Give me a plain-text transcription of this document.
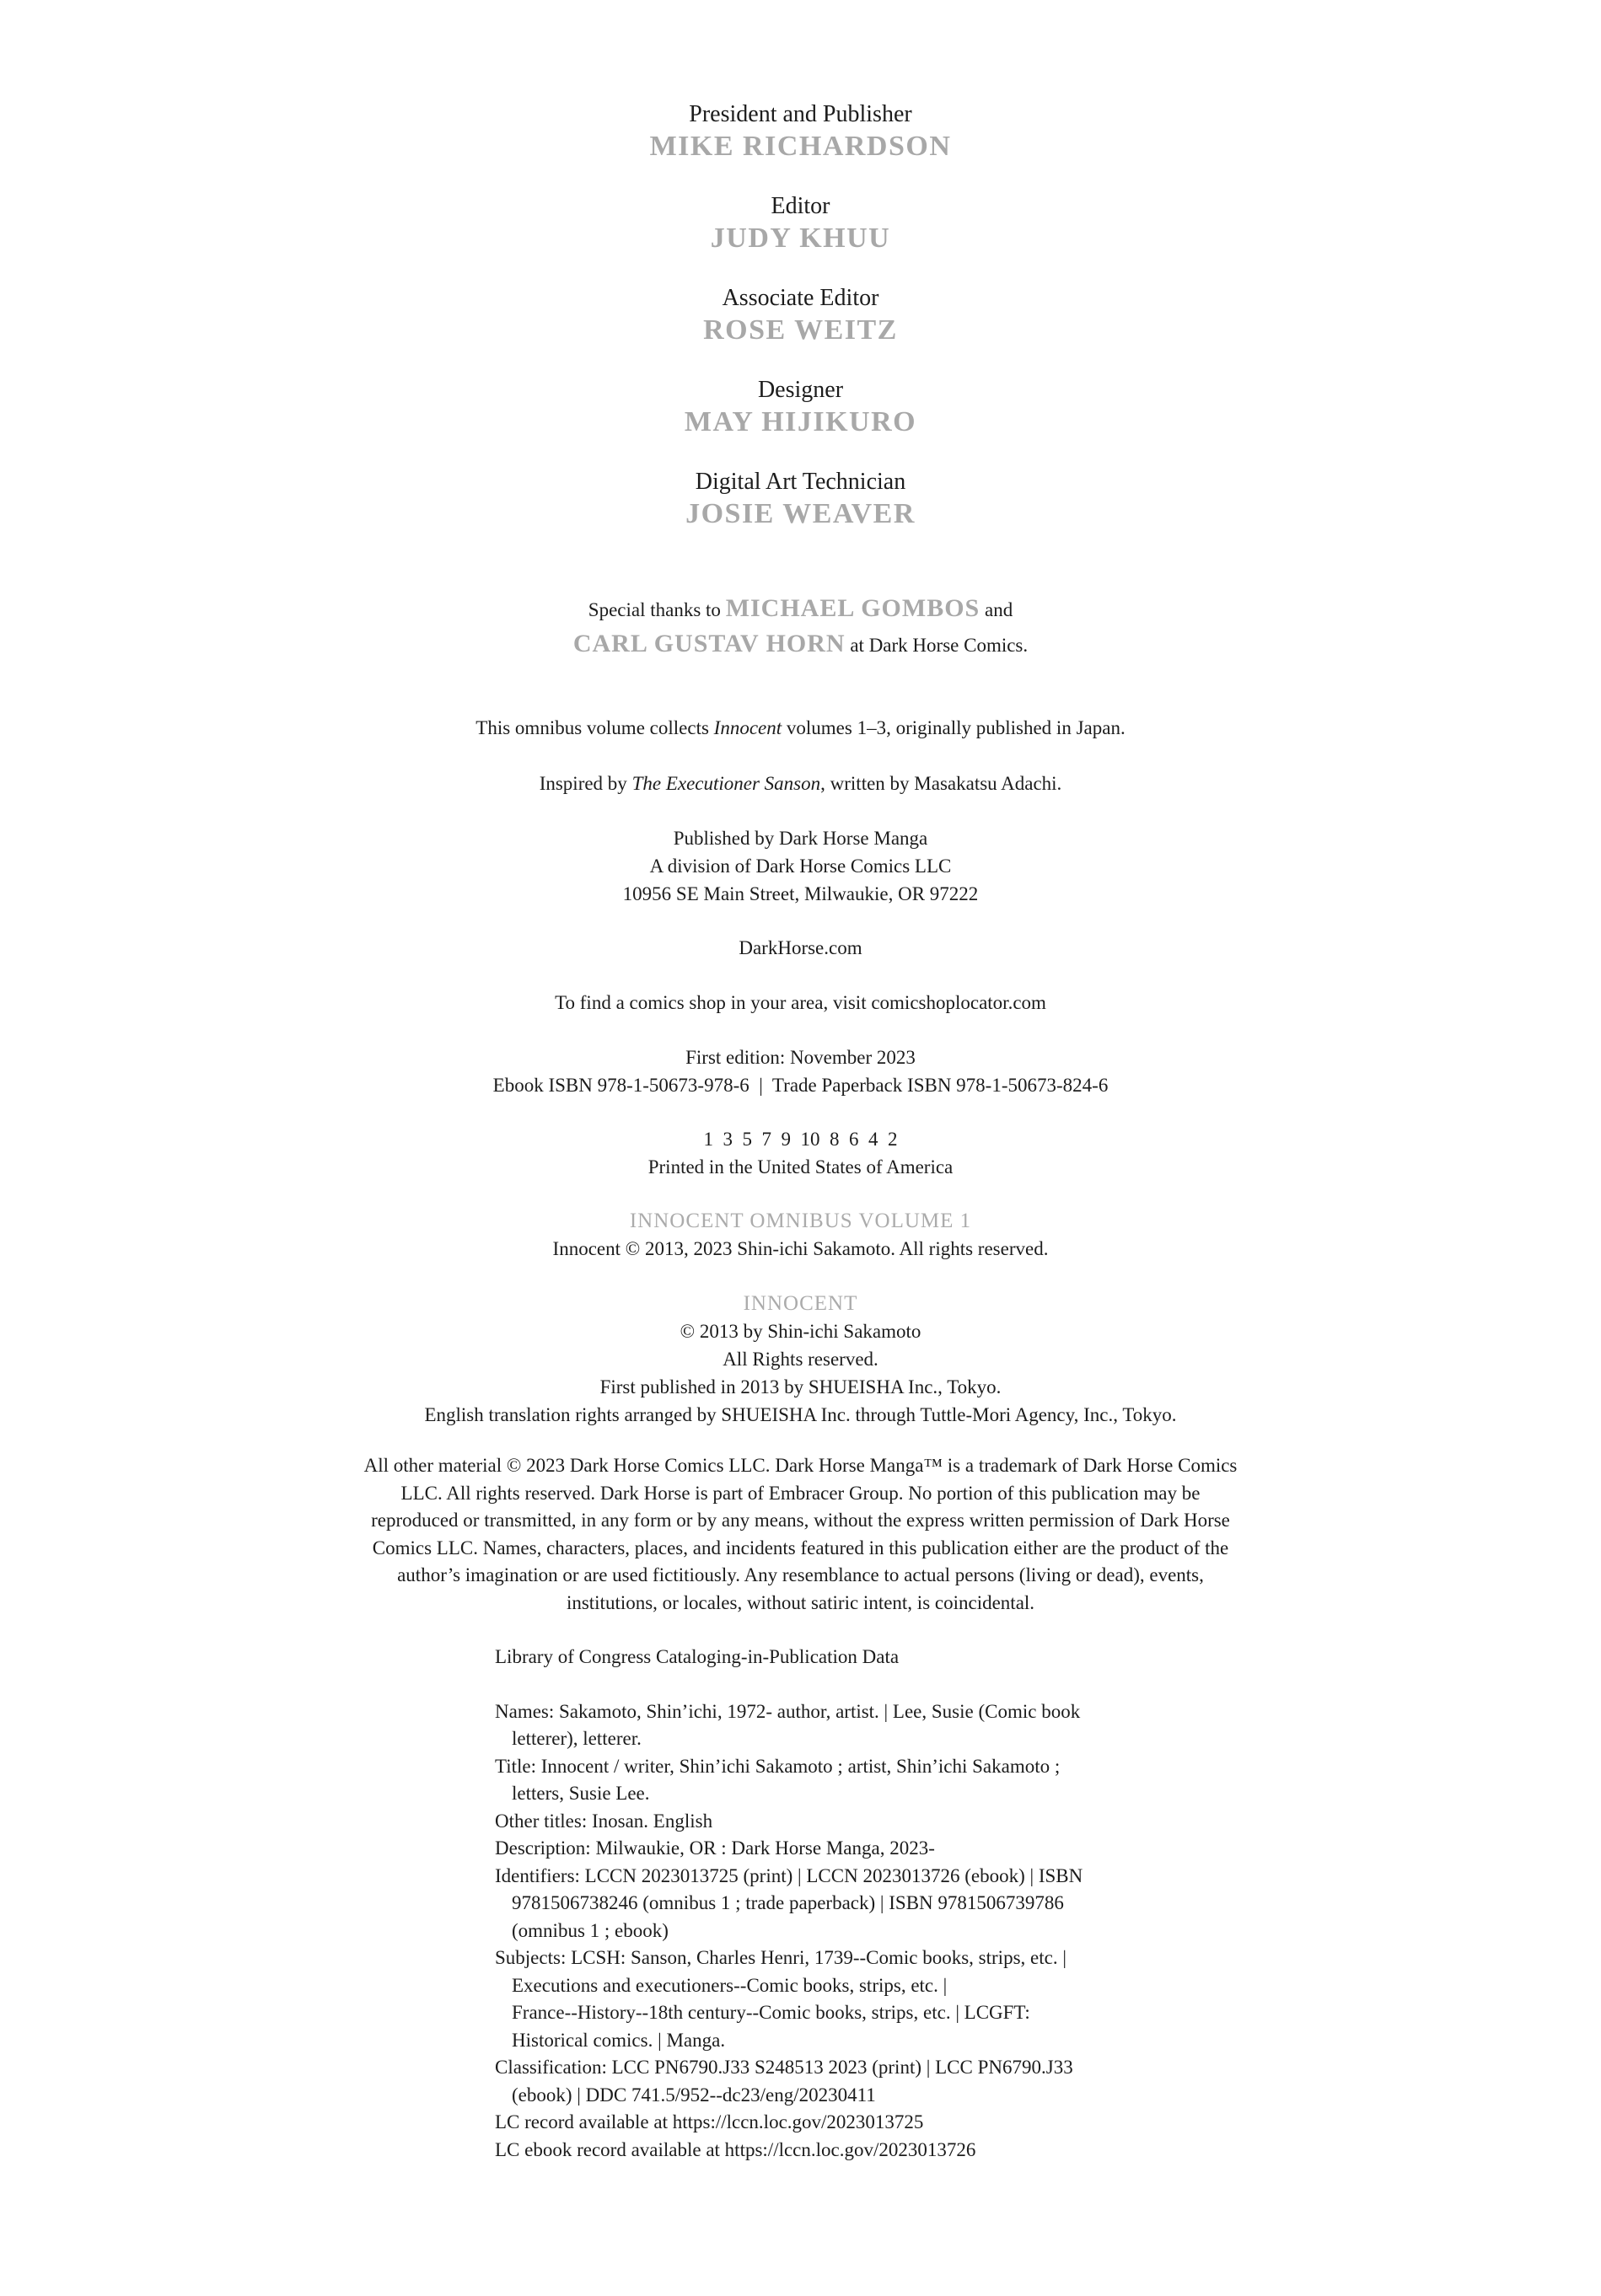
President and Publisher
MIKE RICHARDSON
Editor
JUDY KHUU
Associate Editor
ROSE WEITZ
Designer
MAY HIJIKURO
Digital Art Technician
JOSIE WEAVER
Special thanks to MICHAEL GOMBOS and
CARL GUSTAV HORN at Dark Horse Comics.
This omnibus volume collects Innocent volumes 1–3, originally published in Japan.
Inspired by The Executioner Sanson, written by Masakatsu Adachi.
Published by Dark Horse Manga
A division of Dark Horse Comics LLC
10956 SE Main Street, Milwaukie, OR 97222
DarkHorse.com
To find a comics shop in your area, visit comicshoplocator.com
First edition: November 2023
Ebook ISBN 978-1-50673-978-6  |  Trade Paperback ISBN 978-1-50673-824-6
1  3  5  7  9  10  8  6  4  2
Printed in the United States of America
INNOCENT OMNIBUS VOLUME 1
Innocent © 2013, 2023 Shin-ichi Sakamoto. All rights reserved.
INNOCENT
© 2013 by Shin-ichi Sakamoto
All Rights reserved.
First published in 2013 by SHUEISHA Inc., Tokyo.
English translation rights arranged by SHUEISHA Inc. through Tuttle-Mori Agency, Inc., Tokyo.
All other material © 2023 Dark Horse Comics LLC. Dark Horse Manga™ is a trademark of Dark Horse Comics
LLC. All rights reserved. Dark Horse is part of Embracer Group. No portion of this publication may be
reproduced or transmitted, in any form or by any means, without the express written permission of Dark Horse
Comics LLC. Names, characters, places, and incidents featured in this publication either are the product of the
author’s imagination or are used fictitiously. Any resemblance to actual persons (living or dead), events,
institutions, or locales, without satiric intent, is coincidental.
Library of Congress Cataloging-in-Publication Data
Names: Sakamoto, Shin’ichi, 1972- author, artist. | Lee, Susie (Comic book
letterer), letterer.
Title: Innocent / writer, Shin’ichi Sakamoto ; artist, Shin’ichi Sakamoto ;
letters, Susie Lee.
Other titles: Inosan. English
Description: Milwaukie, OR : Dark Horse Manga, 2023-
Identifiers: LCCN 2023013725 (print) | LCCN 2023013726 (ebook) | ISBN
9781506738246 (omnibus 1 ; trade paperback) | ISBN 9781506739786
(omnibus 1 ; ebook)
Subjects: LCSH: Sanson, Charles Henri, 1739--Comic books, strips, etc. |
Executions and executioners--Comic books, strips, etc. |
France--History--18th century--Comic books, strips, etc. | LCGFT:
Historical comics. | Manga.
Classification: LCC PN6790.J33 S248513 2023 (print) | LCC PN6790.J33
(ebook) | DDC 741.5/952--dc23/eng/20230411
LC record available at https://lccn.loc.gov/2023013725
LC ebook record available at https://lccn.loc.gov/2023013726
